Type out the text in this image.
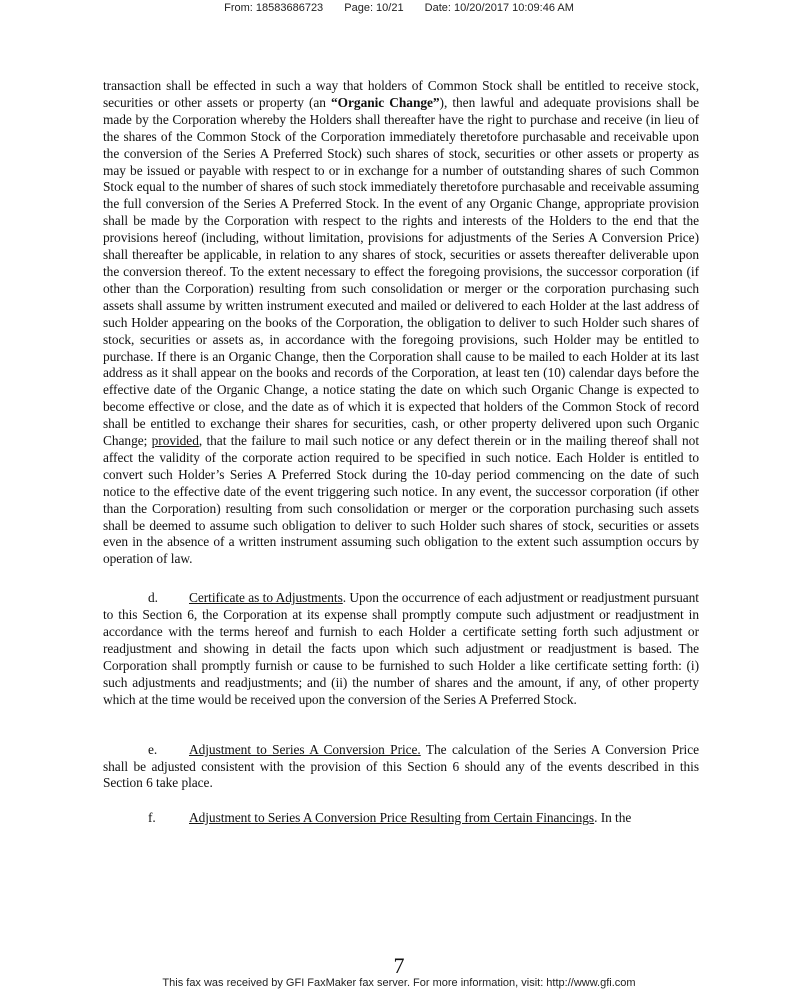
From: 18583686723 Page: 10/21 Date: 10/20/2017 10:09:46 AM

transaction shall be effected in such a way that holders of Common Stock shall be entitled to receive stock, securities or other assets or property (an “Organic Change”), then lawful and adequate provisions shall be made by the Corporation whereby the Holders shall thereafter have the right to purchase and receive (in lieu of the shares of the Common Stock of the Corporation immediately theretofore purchasable and receivable upon the conversion of the Series A Preferred Stock) such shares of stock, securities or other assets or property as may be issued or payable with respect to or in exchange for a number of outstanding shares of such Common Stock equal to the number of shares of such stock immediately theretofore purchasable and receivable assuming the full conversion of the Series A Preferred Stock. In the event of any Organic Change, appropriate provision shall be made by the Corporation with respect to the rights and interests of the Holders to the end that the provisions hereof (including, without limitation, provisions for adjustments of the Series A Conversion Price) shall thereafter be applicable, in relation to any shares of stock, securities or assets thereafter deliverable upon the conversion thereof. To the extent necessary to effect the foregoing provisions, the successor corporation (if other than the Corporation) resulting from such consolidation or merger or the corporation purchasing such assets shall assume by written instrument executed and mailed or delivered to each Holder at the last address of such Holder appearing on the books of the Corporation, the obligation to deliver to such Holder such shares of stock, securities or assets as, in accordance with the foregoing provisions, such Holder may be entitled to purchase. If there is an Organic Change, then the Corporation shall cause to be mailed to each Holder at its last address as it shall appear on the books and records of the Corporation, at least ten (10) calendar days before the effective date of the Organic Change, a notice stating the date on which such Organic Change is expected to become effective or close, and the date as of which it is expected that holders of the Common Stock of record shall be entitled to exchange their shares for securities, cash, or other property delivered upon such Organic Change; provided, that the failure to mail such notice or any defect therein or in the mailing thereof shall not affect the validity of the corporate action required to be specified in such notice. Each Holder is entitled to convert such Holder’s Series A Preferred Stock during the 10-day period commencing on the date of such notice to the effective date of the event triggering such notice. In any event, the successor corporation (if other than the Corporation) resulting from such consolidation or merger or the corporation purchasing such assets shall be deemed to assume such obligation to deliver to such Holder such shares of stock, securities or assets even in the absence of a written instrument assuming such obligation to the extent such assumption occurs by operation of law.

d. Certificate as to Adjustments. Upon the occurrence of each adjustment or readjustment pursuant to this Section 6, the Corporation at its expense shall promptly compute such adjustment or readjustment in accordance with the terms hereof and furnish to each Holder a certificate setting forth such adjustment or readjustment and showing in detail the facts upon which such adjustment or readjustment is based. The Corporation shall promptly furnish or cause to be furnished to such Holder a like certificate setting forth: (i) such adjustments and readjustments; and (ii) the number of shares and the amount, if any, of other property which at the time would be received upon the conversion of the Series A Preferred Stock.

e. Adjustment to Series A Conversion Price. The calculation of the Series A Conversion Price shall be adjusted consistent with the provision of this Section 6 should any of the events described in this Section 6 take place.

f. Adjustment to Series A Conversion Price Resulting from Certain Financings. In the

7
This fax was received by GFI FaxMaker fax server. For more information, visit: http://www.gfi.com
